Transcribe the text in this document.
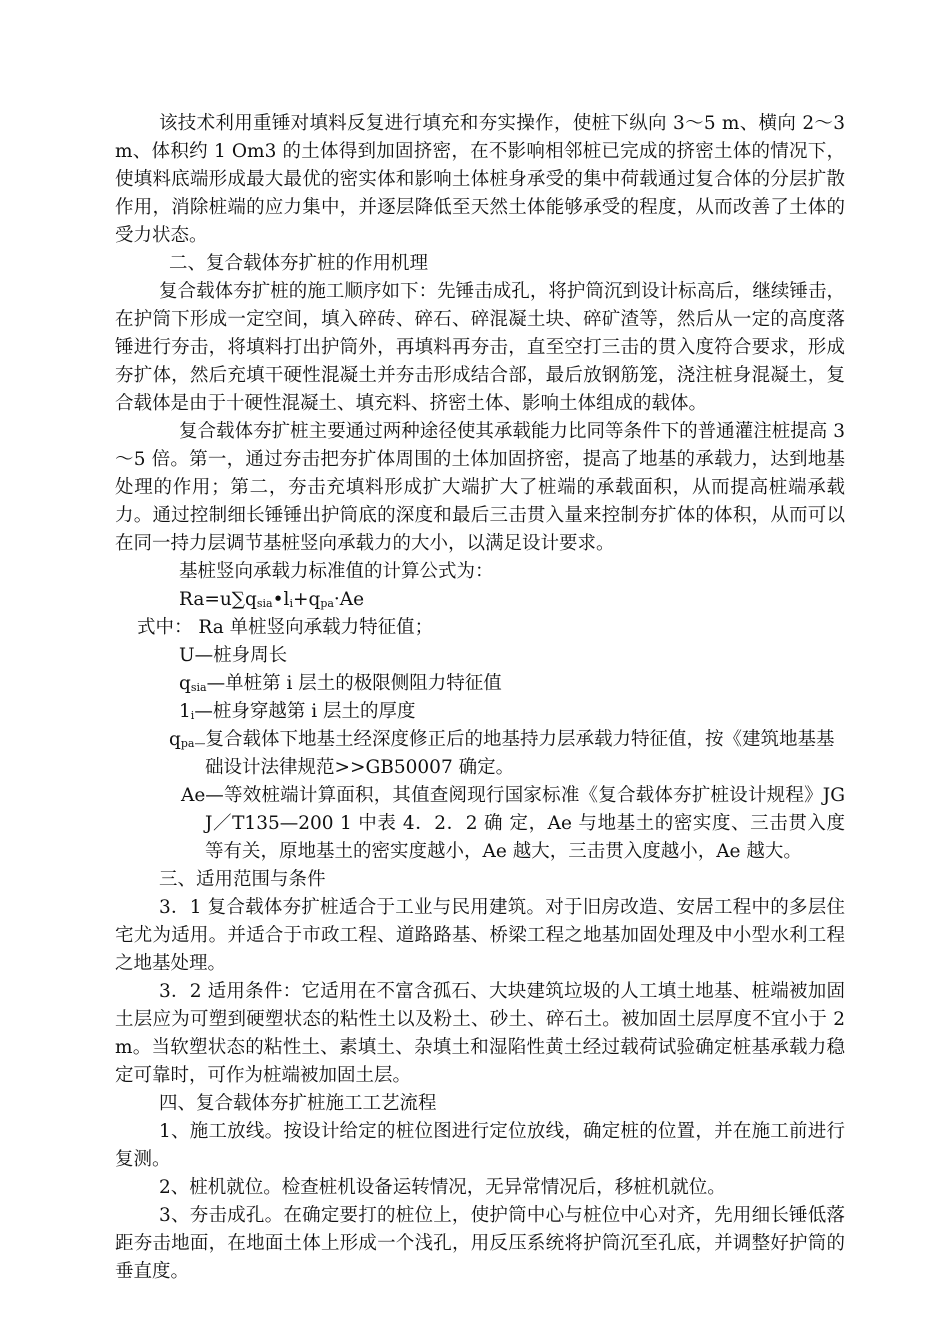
该技术利用重锤对填料反复进行填充和夯实操作，使桩下纵向 3～5 m、横向 2～3 m、体积约 1 Om3 的土体得到加固挤密，在不影响相邻桩已完成的挤密土体的情况下，使填料底端形成最大最优的密实体和影响土体桩身承受的集中荷载通过复合体的分层扩散作用，消除桩端的应力集中，并逐层降低至天然土体能够承受的程度，从而改善了土体的受力状态。

二、复合载体夯扩桩的作用机理

复合载体夯扩桩的施工顺序如下：先锤击成孔，将护筒沉到设计标高后，继续锤击，在护筒下形成一定空间，填入碎砖、碎石、碎混凝土块、碎矿渣等，然后从一定的高度落锤进行夯击，将填料打出护筒外，再填料再夯击，直至空打三击的贯入度符合要求，形成夯扩体，然后充填干硬性混凝土并夯击形成结合部，最后放钢筋笼，浇注桩身混凝土，复合载体是由于十硬性混凝土、填充料、挤密土体、影响土体组成的载体。

复合载体夯扩桩主要通过两种途径使其承载能力比同等条件下的普通灌注桩提高 3～5 倍。第一，通过夯击把夯扩体周围的土体加固挤密，提高了地基的承载力，达到地基处理的作用；第二，夯击充填料形成扩大端扩大了桩端的承载面积，从而提高桩端承载力。通过控制细长锤锤出护筒底的深度和最后三击贯入量来控制夯扩体的体积，从而可以在同一持力层调节基桩竖向承载力的大小，以满足设计要求。

基桩竖向承载力标准值的计算公式为：

$Ra=u\sum q_{sia}•l_i+q_{pa}\cdot Ae$

式中： Ra 单桩竖向承载力特征值；

U—桩身周长

$q_{sia}—$单桩第 i 层土的极限侧阻力特征值

$1_i—$桩身穿越第 i 层土的厚度

$q_{pa—}$复合载体下地基土经深度修正后的地基持力层承载力特征值，按《建筑地基基础设计法律规范>>GB50007 确定。

Ae—等效桩端计算面积，其值查阅现行国家标准《复合载体夯扩桩设计规程》JGJ／T135—200 1 中表 4．2．2 确 定，Ae 与地基土的密实度、三击贯入度等有关，原地基土的密实度越小，Ae 越大，三击贯入度越小，Ae 越大。

三、适用范围与条件

3．1 复合载体夯扩桩适合于工业与民用建筑。对于旧房改造、安居工程中的多层住宅尤为适用。并适合于市政工程、道路路基、桥梁工程之地基加固处理及中小型水利工程之地基处理。

3．2 适用条件：它适用在不富含孤石、大块建筑垃圾的人工填土地基、桩端被加固土层应为可塑到硬塑状态的粘性土以及粉土、砂土、碎石土。被加固土层厚度不宜小于 2m。当软塑状态的粘性土、素填土、杂填土和湿陷性黄土经过载荷试验确定桩基承载力稳定可靠时，可作为桩端被加固土层。

四、复合载体夯扩桩施工工艺流程

1、施工放线。按设计给定的桩位图进行定位放线，确定桩的位置，并在施工前进行复测。

2、桩机就位。检查桩机设备运转情况，无异常情况后，移桩机就位。

3、夯击成孔。在确定要打的桩位上，使护筒中心与桩位中心对齐，先用细长锤低落距夯击地面，在地面土体上形成一个浅孔，用反压系统将护筒沉至孔底，并调整好护筒的垂直度。
